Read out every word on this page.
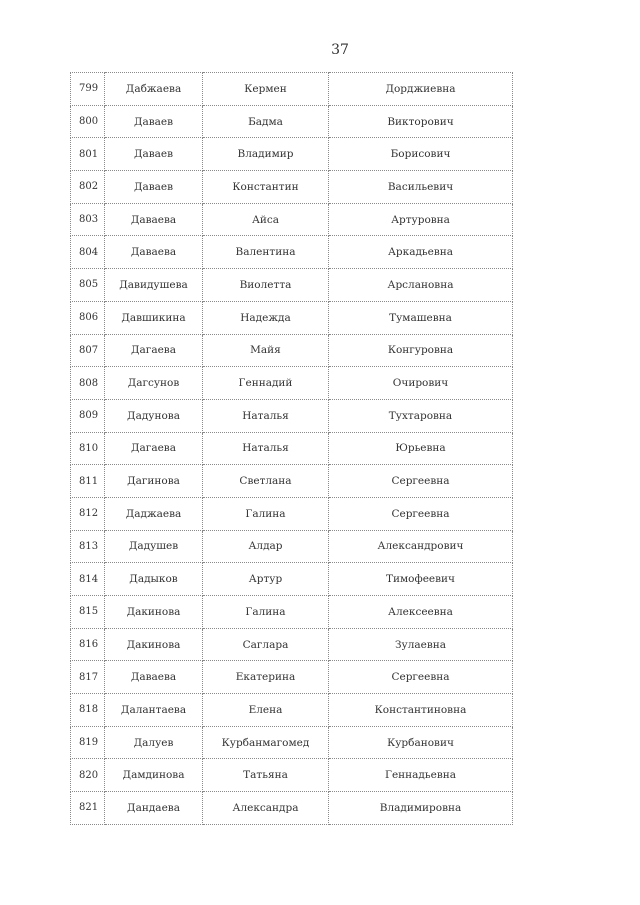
37
799	Дабжаева	Кермен	Дорджиевна
800	Даваев	Бадма	Викторович
801	Даваев	Владимир	Борисович
802	Даваев	Константин	Васильевич
803	Даваева	Айса	Артуровна
804	Даваева	Валентина	Аркадьевна
805	Давидушева	Виолетта	Арслановна
806	Давшикина	Надежда	Тумашевна
807	Дагаева	Майя	Конгуровна
808	Дагсунов	Геннадий	Очирович
809	Дадунова	Наталья	Тухтаровна
810	Дагаева	Наталья	Юрьевна
811	Дагинова	Светлана	Сергеевна
812	Даджаева	Галина	Сергеевна
813	Дадушев	Алдар	Александрович
814	Дадыков	Артур	Тимофеевич
815	Дакинова	Галина	Алексеевна
816	Дакинова	Саглара	Зулаевна
817	Даваева	Екатерина	Сергеевна
818	Далантаева	Елена	Константиновна
819	Далуев	Курбанмагомед	Курбанович
820	Дамдинова	Татьяна	Геннадьевна
821	Дандаева	Александра	Владимировна
